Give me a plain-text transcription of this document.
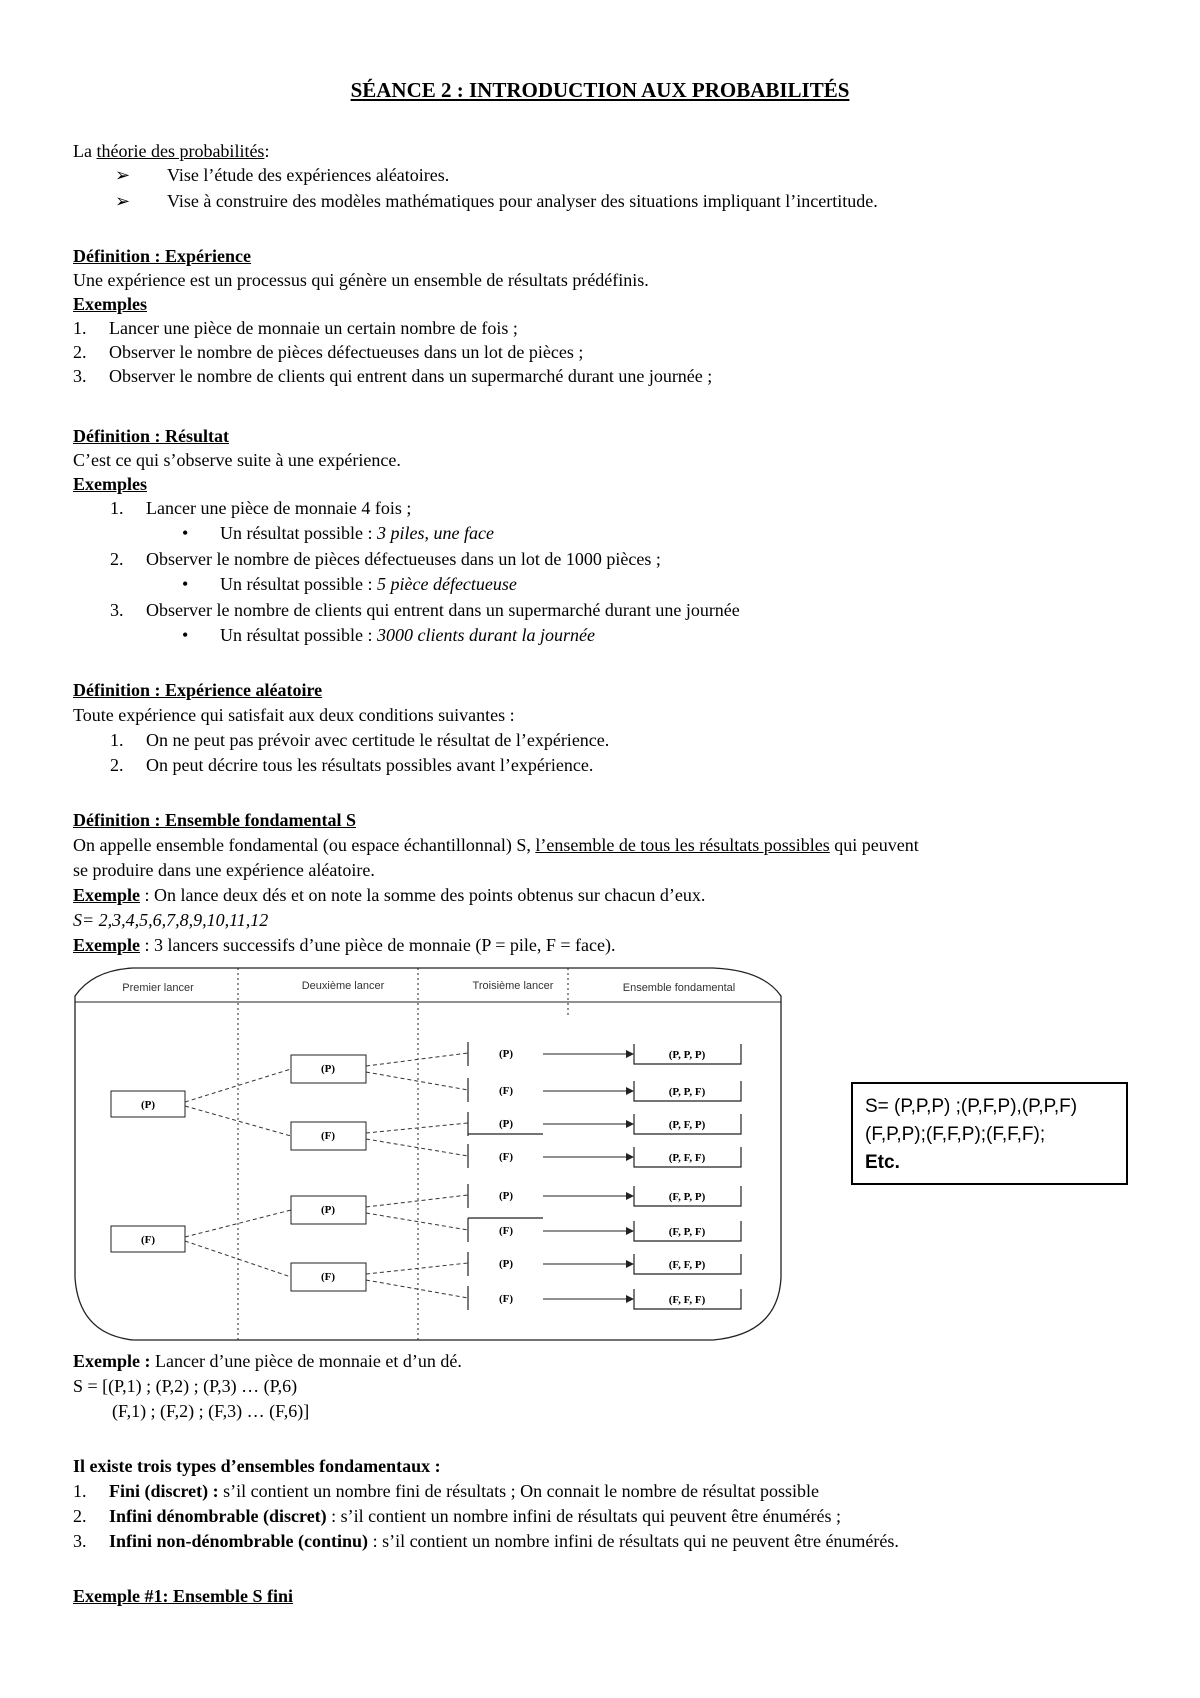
SÉANCE 2 : INTRODUCTION AUX PROBABILITÉS
La théorie des probabilités:
➢ Vise l’étude des expériences aléatoires.
➢ Vise à construire des modèles mathématiques pour analyser des situations impliquant l’incertitude.
Définition : Expérience
Une expérience est un processus qui génère un ensemble de résultats prédéfinis.
Exemples
1. Lancer une pièce de monnaie un certain nombre de fois ;
2. Observer le nombre de pièces défectueuses dans un lot de pièces ;
3. Observer le nombre de clients qui entrent dans un supermarché durant une journée ;
Définition : Résultat
C’est ce qui s’observe suite à une expérience.
Exemples
1. Lancer une pièce de monnaie 4 fois ;
• Un résultat possible : 3 piles, une face
2. Observer le nombre de pièces défectueuses dans un lot de 1000 pièces ;
• Un résultat possible : 5 pièce défectueuse
3. Observer le nombre de clients qui entrent dans un supermarché durant une journée
• Un résultat possible : 3000 clients durant la journée
Définition : Expérience aléatoire
Toute expérience qui satisfait aux deux conditions suivantes :
1. On ne peut pas prévoir avec certitude le résultat de l’expérience.
2. On peut décrire tous les résultats possibles avant l’expérience.
Définition : Ensemble fondamental S
On appelle ensemble fondamental (ou espace échantillonnal) S, l’ensemble de tous les résultats possibles qui peuvent
se produire dans une expérience aléatoire.
Exemple : On lance deux dés et on note la somme des points obtenus sur chacun d’eux.
S= 2,3,4,5,6,7,8,9,10,11,12
Exemple : 3 lancers successifs d’une pièce de monnaie (P = pile, F = face).
Premier lancer	Deuxième lancer	Troisième lancer	Ensemble fondamental
(P)
(F)
(P)
(F)
(P)
(F)
(P)
(F)
(P)
(F)
(P)
(F)
(P)
(F)
(P, P, P)
(P, P, F)
(P, F, P)
(P, F, F)
(F, P, P)
(F, P, F)
(F, F, P)
(F, F, F)
S= (P,P,P) ;(P,F,P),(P,P,F)
(F,P,P);(F,F,P);(F,F,F);
Etc.
Exemple : Lancer d’une pièce de monnaie et d’un dé.
S = [(P,1) ; (P,2) ; (P,3) … (P,6)
(F,1) ; (F,2) ; (F,3) … (F,6)]
Il existe trois types d’ensembles fondamentaux :
1. Fini (discret) : s’il contient un nombre fini de résultats ; On connait le nombre de résultat possible
2. Infini dénombrable (discret) : s’il contient un nombre infini de résultats qui peuvent être énumérés ;
3. Infini non-dénombrable (continu) : s’il contient un nombre infini de résultats qui ne peuvent être énumérés.
Exemple #1: Ensemble S fini
